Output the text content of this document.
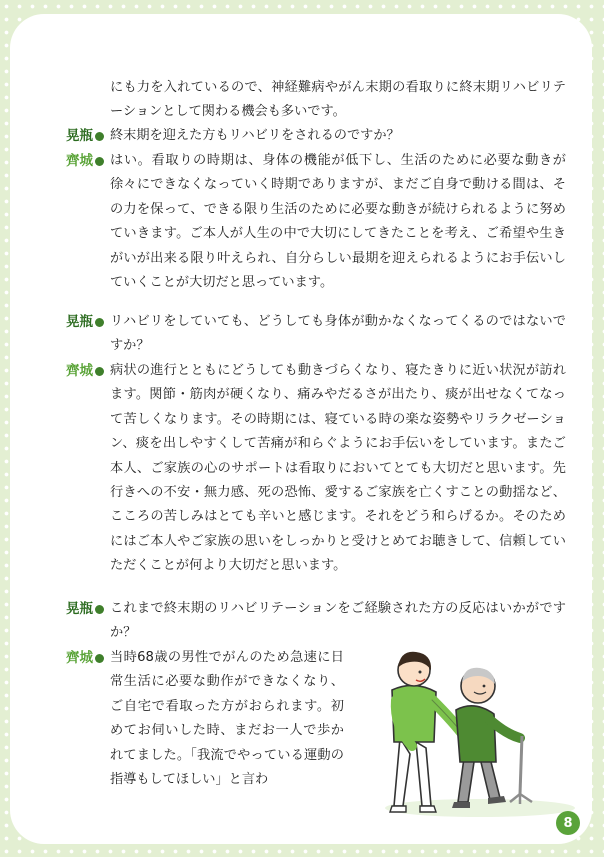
にも力を入れているので、神経難病やがん末期の看取りに終末期リハビリテーションとして関わる機会も多いです。
晃瓶 終末期を迎えた方もリハビリをされるのですか？
齊城 はい。看取りの時期は、身体の機能が低下し、生活のために必要な動きが徐々にできなくなっていく時期でありますが、まだご自身で動ける間は、その力を保って、できる限り生活のために必要な動きが続けられるように努めていきます。ご本人が人生の中で大切にしてきたことを考え、ご希望や生きがいが出来る限り叶えられ、自分らしい最期を迎えられるようにお手伝いしていくことが大切だと思っています。
晃瓶 リハビリをしていても、どうしても身体が動かなくなってくるのではないですか？
齊城 病状の進行とともにどうしても動きづらくなり、寝たきりに近い状況が訪れます。関節・筋肉が硬くなり、痛みやだるさが出たり、痰が出せなくてなって苦しくなります。その時期には、寝ている時の楽な姿勢やリラクゼーション、痰を出しやすくして苦痛が和らぐようにお手伝いをしています。またご本人、ご家族の心のサポートは看取りにおいてとても大切だと思います。先行きへの不安・無力感、死の恐怖、愛するご家族を亡くすことの動揺など、こころの苦しみはとても辛いと感じます。それをどう和らげるか。そのためにはご本人やご家族の思いをしっかりと受けとめてお聴きして、信頼していただくことが何より大切だと思います。
晃瓶 これまで終末期のリハビリテーションをご経験された方の反応はいかがですか？
齊城 当時68歳の男性でがんのため急速に日常生活に必要な動作ができなくなり、ご自宅で看取った方がおられます。初めてお伺いした時、まだお一人で歩かれてました。「我流でやっている運動の指導もしてほしい」と言わ
8
